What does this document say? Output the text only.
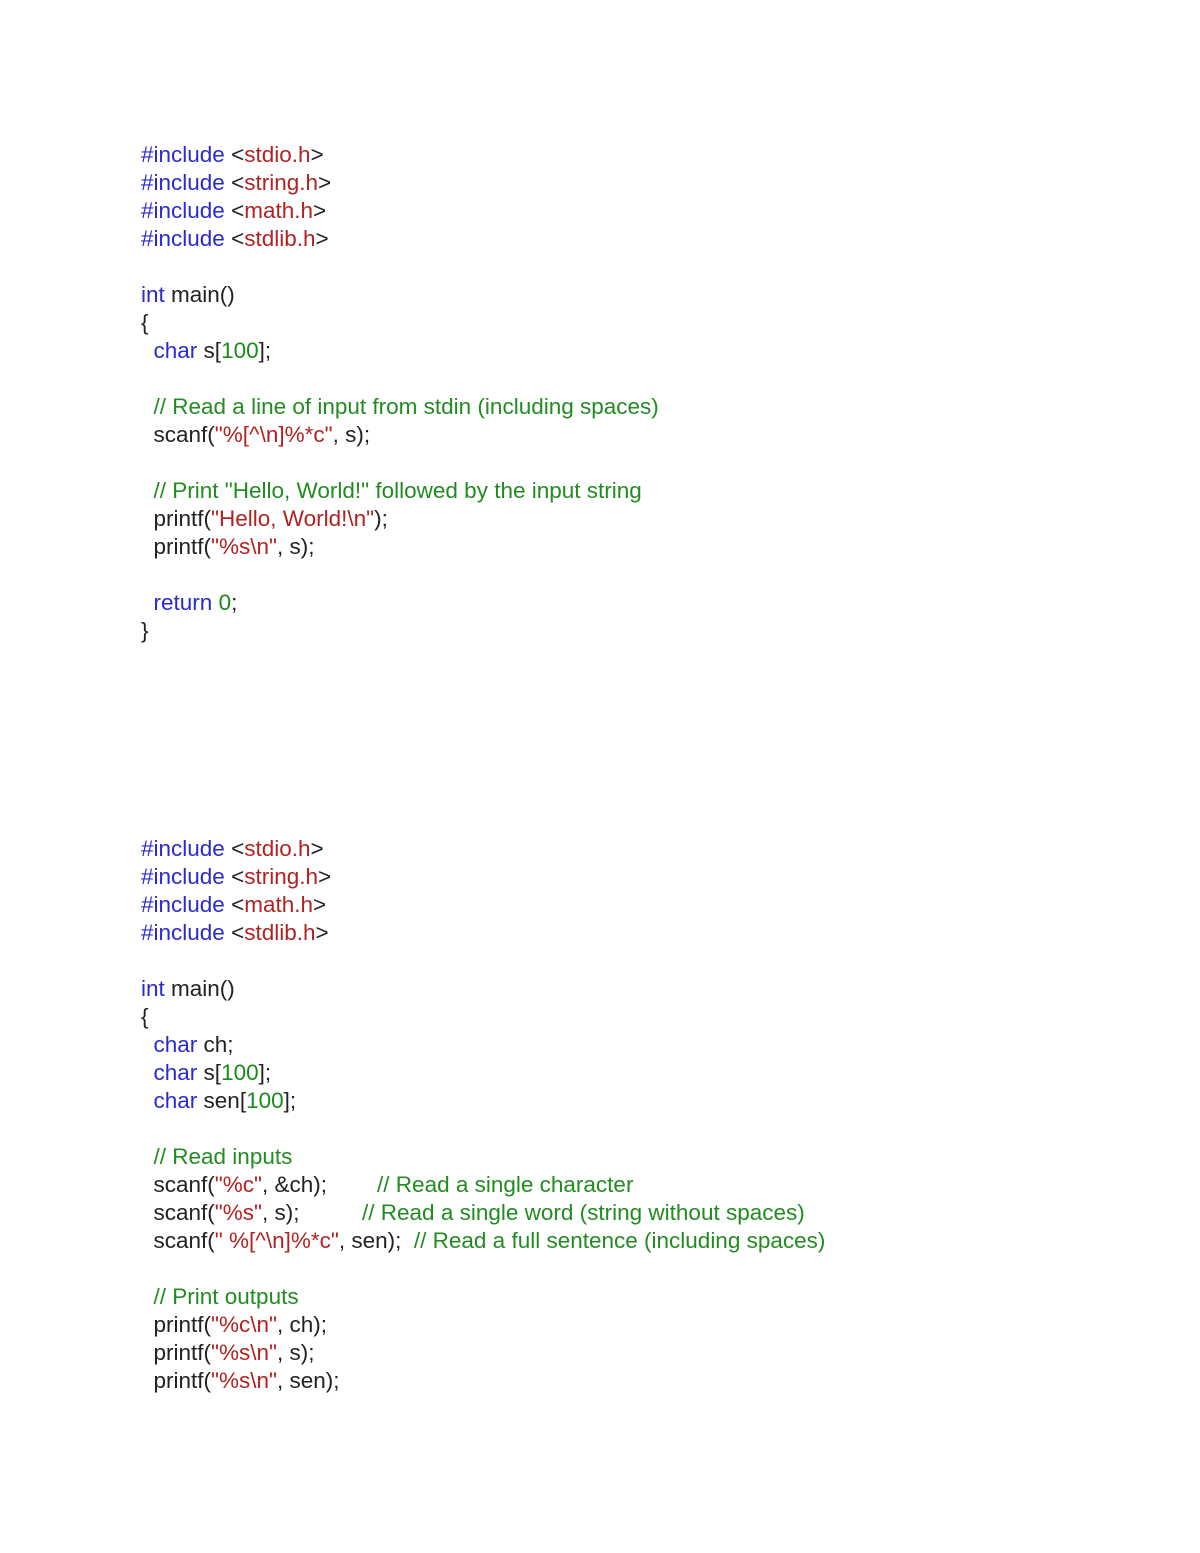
#include <stdio.h>
#include <string.h>
#include <math.h>
#include <stdlib.h>

int main()
{
char s[100];

// Read a line of input from stdin (including spaces)
scanf("%[^\n]%*c", s);

// Print "Hello, World!" followed by the input string
printf("Hello, World!\n");
printf("%s\n", s);

return 0;
}
#include <stdio.h>
#include <string.h>
#include <math.h>
#include <stdlib.h>

int main()
{
char ch;
char s[100];
char sen[100];

// Read inputs
scanf("%c", &ch);        // Read a single character
scanf("%s", s);          // Read a single word (string without spaces)
scanf(" %[^\n]%*c", sen);  // Read a full sentence (including spaces)

// Print outputs
printf("%c\n", ch);
printf("%s\n", s);
printf("%s\n", sen);
